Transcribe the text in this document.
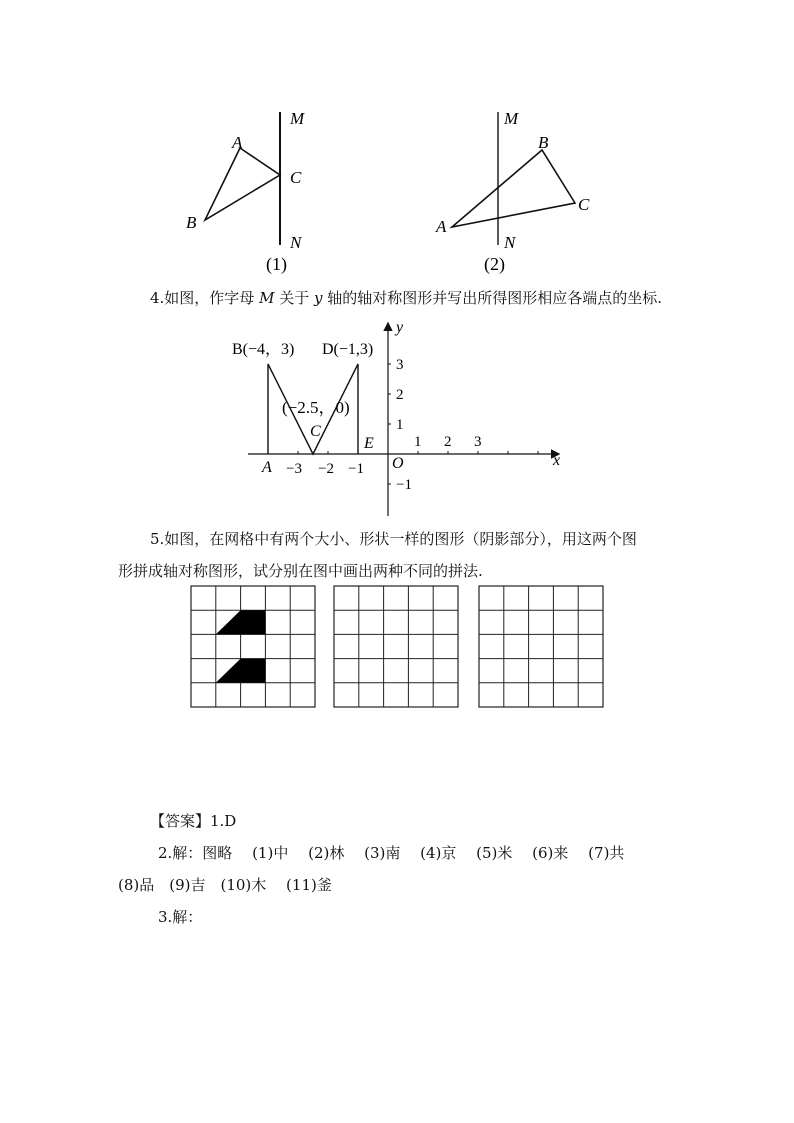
M
N
C
A
B
(1)
M
N
C
A
B
(2)
4.如图，作字母 M 关于 y 轴的轴对称图形并写出所得图形相应各端点的坐标.
B(−4，3) D(−1,3)
(−2.5，0)
C
A
E
O	x
y
−3 −2 −1
1 2 3
3
2
1
−1
5.如图，在网格中有两个大小、形状一样的图形（阴影部分），用这两个图
形拼成轴对称图形，试分别在图中画出两种不同的拼法.
【答案】1.D
2.解：图略　 (1)中　 (2)林　 (3)南　 (4)京　 (5)米　 (6)来　 (7)共
(8)品　(9)吉　(10)木　 (11)釜
3.解：
